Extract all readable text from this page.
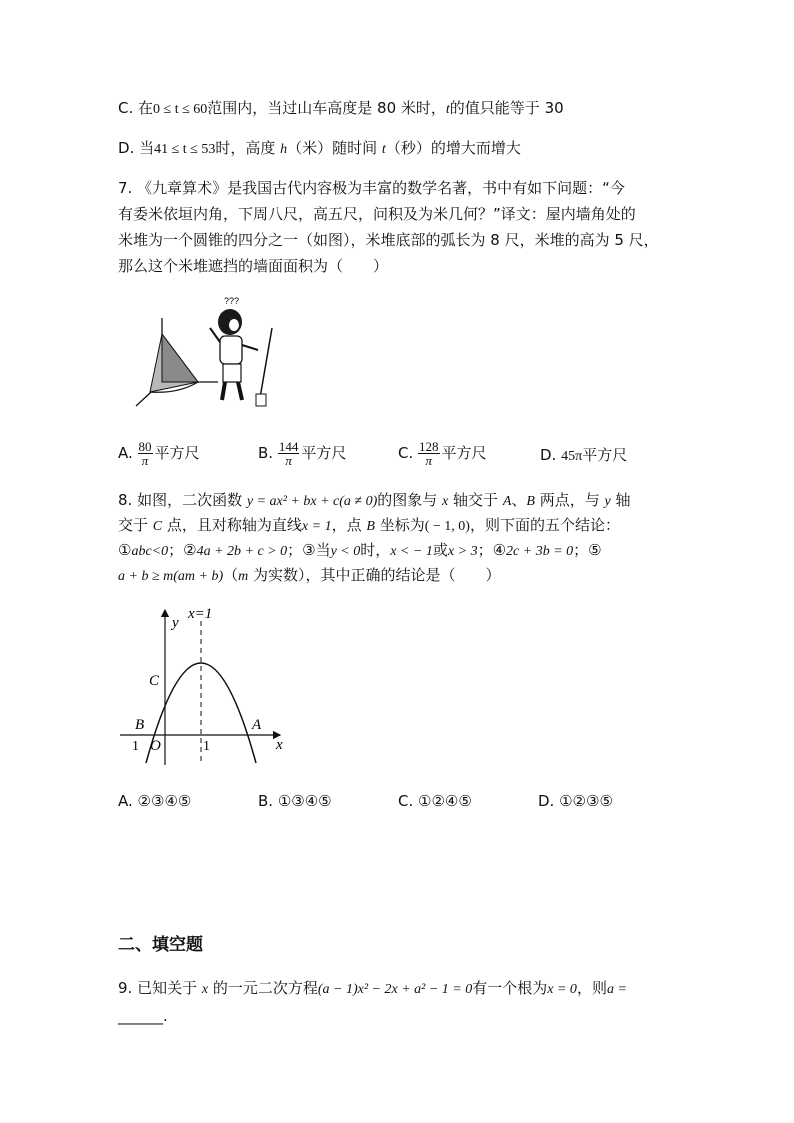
C. 在0 ≤ t ≤ 60范围内，当过山车高度是 80 米时，t的值只能等于 30
D. 当41 ≤ t ≤ 53时，高度 h（米）随时间 t（秒）的增大而增大
7. 《九章算术》是我国古代内容极为丰富的数学名著，书中有如下问题：“今
有委米依垣内角，下周八尺，高五尺，问积及为米几何？”译文：屋内墙角处的
米堆为一个圆锥的四分之一（如图），米堆底部的弧长为 8 尺，米堆的高为 5 尺，
那么这个米堆遮挡的墙面面积为（　　）
???
A. $\frac{80}{\pi}$ 平方尺	B. $\frac{144}{\pi}$ 平方尺	C. $\frac{128}{\pi}$ 平方尺	D. 45π平方尺
8. 如图，二次函数 y = ax² + bx + c(a ≠ 0)的图象与 x 轴交于 A、B 两点，与 y 轴
交于 C 点，且对称轴为直线x = 1，点 B 坐标为( − 1, 0)，则下面的五个结论：
①abc<0；②4a + 2b + c > 0；③当y < 0时，x < − 1或x > 3；④2c + 3b = 0；⑤
a + b ≥ m(am + b)（m 为实数），其中正确的结论是（　　）
x=1
y
x
C
B	A
O
1	1
A. ②③④⑤	B. ①③④⑤	C. ①②④⑤	D. ①②③⑤
二、填空题
9. 已知关于 x 的一元二次方程(a − 1)x² − 2x + a² − 1 = 0有一个根为x = 0，则a =
______.
